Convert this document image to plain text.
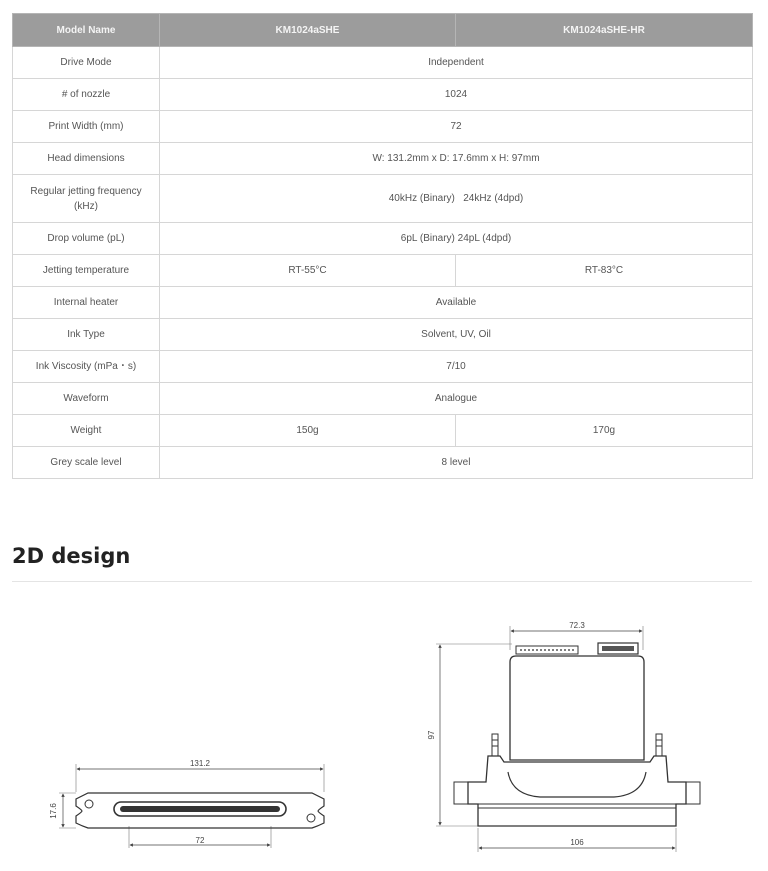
Model Name	KM1024aSHE	KM1024aSHE-HR
Drive Mode	Independent	
# of nozzle	1024	
Print Width (mm)	72	
Head dimensions	W: 131.2mm x D: 17.6mm x H: 97mm	
Regular jetting frequency
(kHz)	40kHz (Binary)   24kHz (4dpd)	
Drop volume (pL)	6pL (Binary) 24pL (4dpd)	
Jetting temperature	RT-55°C	RT-83°C
Internal heater	Available	
Ink Type	Solvent, UV, Oil	
Ink Viscosity (mPa・s)	7/10	
Waveform	Analogue	
Weight	150g	170g
Grey scale level	8 level	
2D design
131.2
17.6
72
72.3
97
106
